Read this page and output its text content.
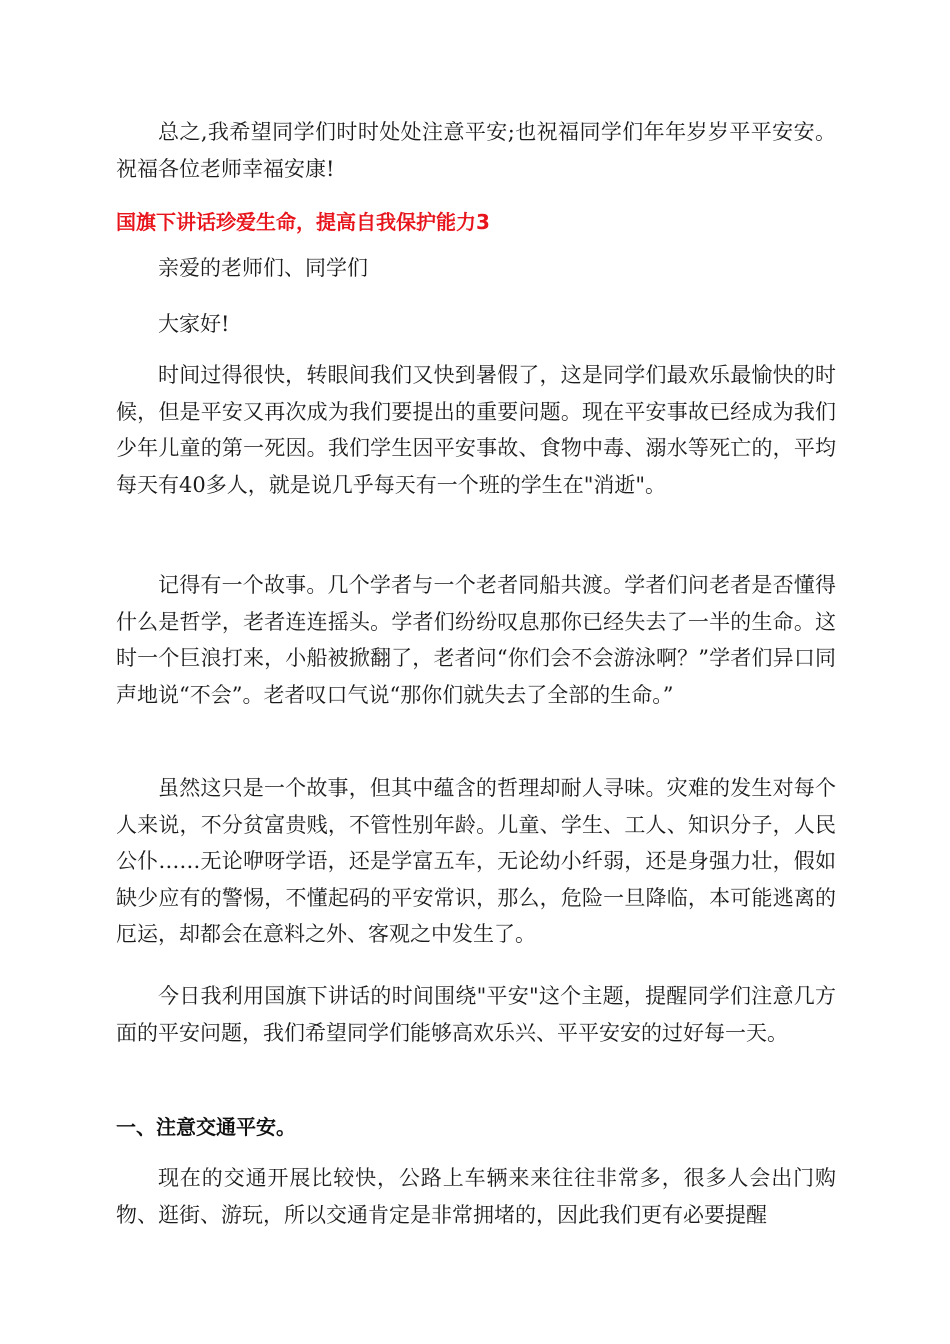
总之,我希望同学们时时处处注意平安;也祝福同学们年年岁岁平平安安。祝福各位老师幸福安康!

国旗下讲话珍爱生命，提高自我保护能力3

亲爱的老师们、同学们

大家好!

时间过得很快，转眼间我们又快到暑假了，这是同学们最欢乐最愉快的时候，但是平安又再次成为我们要提出的重要问题。现在平安事故已经成为我们少年儿童的第一死因。我们学生因平安事故、食物中毒、溺水等死亡的，平均每天有40多人，就是说几乎每天有一个班的学生在"消逝"。

记得有一个故事。几个学者与一个老者同船共渡。学者们问老者是否懂得什么是哲学，老者连连摇头。学者们纷纷叹息那你已经失去了一半的生命。这时一个巨浪打来，小船被掀翻了，老者问“你们会不会游泳啊？”学者们异口同声地说“不会”。老者叹口气说“那你们就失去了全部的生命。”

虽然这只是一个故事，但其中蕴含的哲理却耐人寻味。灾难的发生对每个人来说，不分贫富贵贱，不管性别年龄。儿童、学生、工人、知识分子，人民公仆……无论咿呀学语，还是学富五车，无论幼小纤弱，还是身强力壮，假如缺少应有的警惕，不懂起码的平安常识，那么，危险一旦降临，本可能逃离的厄运，却都会在意料之外、客观之中发生了。

今日我利用国旗下讲话的时间围绕"平安"这个主题，提醒同学们注意几方面的平安问题，我们希望同学们能够高欢乐兴、平平安安的过好每一天。

一、注意交通平安。

现在的交通开展比较快，公路上车辆来来往往非常多，很多人会出门购物、逛街、游玩，所以交通肯定是非常拥堵的，因此我们更有必要提醒
